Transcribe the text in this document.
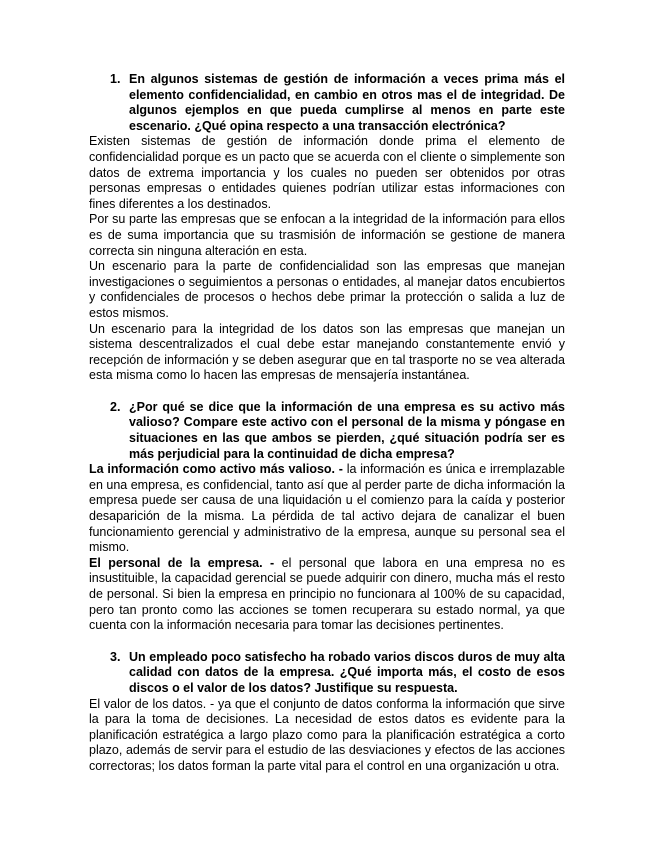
1. En algunos sistemas de gestión de información a veces prima más el elemento confidencialidad, en cambio en otros mas el de integridad. De algunos ejemplos en que pueda cumplirse al menos en parte este escenario. ¿Qué opina respecto a una transacción electrónica?

Existen sistemas de gestión de información donde prima el elemento de confidencialidad porque es un pacto que se acuerda con el cliente o simplemente son datos de extrema importancia y los cuales no pueden ser obtenidos por otras personas empresas o entidades quienes podrían utilizar estas informaciones con fines diferentes a los destinados.

Por su parte las empresas que se enfocan a la integridad de la información para ellos es de suma importancia que su trasmisión de información se gestione de manera correcta sin ninguna alteración en esta.

Un escenario para la parte de confidencialidad son las empresas que manejan investigaciones o seguimientos a personas o entidades, al manejar datos encubiertos y confidenciales de procesos o hechos debe primar la protección o salida a luz de estos mismos.

Un escenario para la integridad de los datos son las empresas que manejan un sistema descentralizados el cual debe estar manejando constantemente envió y recepción de información y se deben asegurar que en tal trasporte no se vea alterada esta misma como lo hacen las empresas de mensajería instantánea.

2. ¿Por qué se dice que la información de una empresa es su activo más valioso? Compare este activo con el personal de la misma y póngase en situaciones en las que ambos se pierden, ¿qué situación podría ser es más perjudicial para la continuidad de dicha empresa?

La información como activo más valioso. - la información es única e irremplazable en una empresa, es confidencial, tanto así que al perder parte de dicha información la empresa puede ser causa de una liquidación u el comienzo para la caída y posterior desaparición de la misma. La pérdida de tal activo dejara de canalizar el buen funcionamiento gerencial y administrativo de la empresa, aunque su personal sea el mismo.

El personal de la empresa. - el personal que labora en una empresa no es insustituible, la capacidad gerencial se puede adquirir con dinero, mucha más el resto de personal. Si bien la empresa en principio no funcionara al 100% de su capacidad, pero tan pronto como las acciones se tomen recuperara su estado normal, ya que cuenta con la información necesaria para tomar las decisiones pertinentes.

3. Un empleado poco satisfecho ha robado varios discos duros de muy alta calidad con datos de la empresa. ¿Qué importa más, el costo de esos discos o el valor de los datos? Justifique su respuesta.

El valor de los datos. - ya que el conjunto de datos conforma la información que sirve la para la toma de decisiones. La necesidad de estos datos es evidente para la planificación estratégica a largo plazo como para la planificación estratégica a corto plazo, además de servir para el estudio de las desviaciones y efectos de las acciones correctoras; los datos forman la parte vital para el control en una organización u otra.
